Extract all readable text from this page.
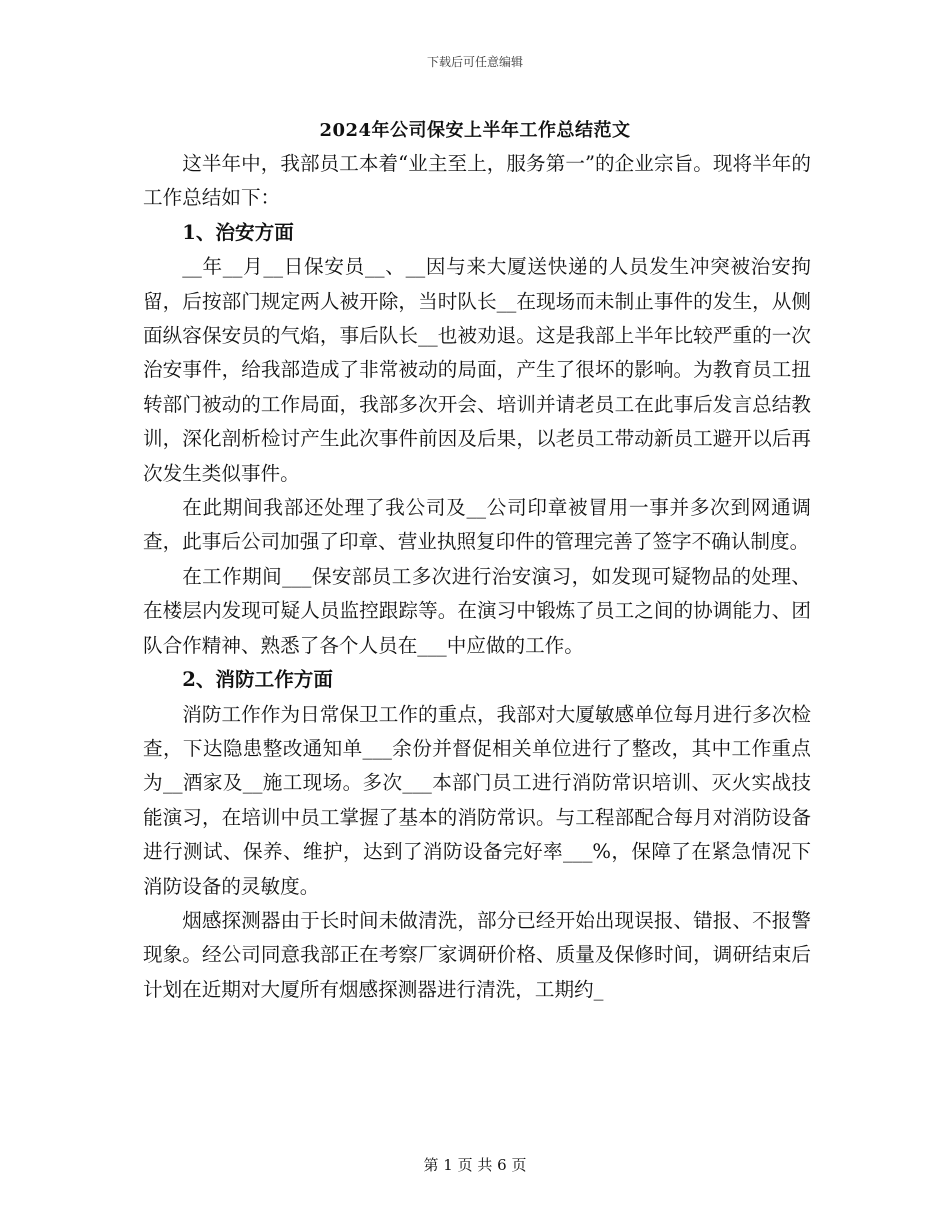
下载后可任意编辑
2024年公司保安上半年工作总结范文

这半年中，我部员工本着“业主至上，服务第一”的企业宗旨。现将半年的工作总结如下：

1、治安方面

__年__月__日保安员__、__因与来大厦送快递的人员发生冲突被治安拘留，后按部门规定两人被开除，当时队长__在现场而未制止事件的发生，从侧面纵容保安员的气焰，事后队长__也被劝退。这是我部上半年比较严重的一次治安事件，给我部造成了非常被动的局面，产生了很坏的影响。为教育员工扭转部门被动的工作局面，我部多次开会、培训并请老员工在此事后发言总结教训，深化剖析检讨产生此次事件前因及后果，以老员工带动新员工避开以后再次发生类似事件。

在此期间我部还处理了我公司及__公司印章被冒用一事并多次到网通调查，此事后公司加强了印章、营业执照复印件的管理完善了签字不确认制度。

在工作期间___保安部员工多次进行治安演习，如发现可疑物品的处理、在楼层内发现可疑人员监控跟踪等。在演习中锻炼了员工之间的协调能力、团队合作精神、熟悉了各个人员在___中应做的工作。

2、消防工作方面

消防工作作为日常保卫工作的重点，我部对大厦敏感单位每月进行多次检查，下达隐患整改通知单___余份并督促相关单位进行了整改，其中工作重点为__酒家及__施工现场。多次___本部门员工进行消防常识培训、灭火实战技能演习，在培训中员工掌握了基本的消防常识。与工程部配合每月对消防设备进行测试、保养、维护，达到了消防设备完好率___%，保障了在紧急情况下消防设备的灵敏度。

烟感探测器由于长时间未做清洗，部分已经开始出现误报、错报、不报警现象。经公司同意我部正在考察厂家调研价格、质量及保修时间，调研结束后计划在近期对大厦所有烟感探测器进行清洗，工期约_

第 1 页 共 6 页
